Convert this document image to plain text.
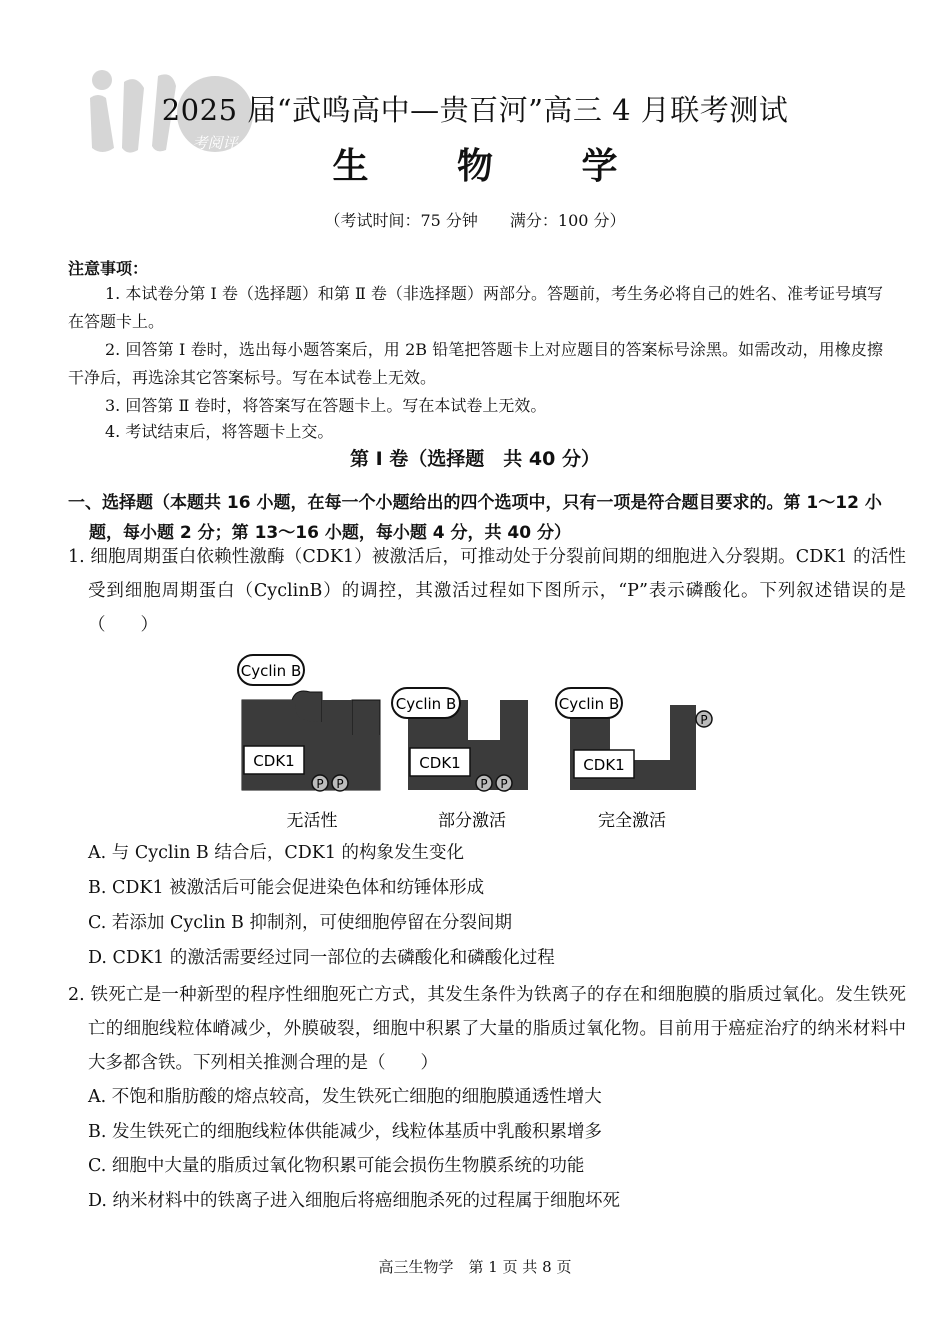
考阅评
2025 届“武鸣高中—贵百河”高三 4 月联考测试
生 物 学
（考试时间：75 分钟　　满分：100 分）
注意事项：
1. 本试卷分第 Ⅰ 卷（选择题）和第 Ⅱ 卷（非选择题）两部分。答题前，考生务必将自己的姓名、准考证号填写在答题卡上。
2. 回答第 Ⅰ 卷时，选出每小题答案后，用 2B 铅笔把答题卡上对应题目的答案标号涂黑。如需改动，用橡皮擦干净后，再选涂其它答案标号。写在本试卷上无效。
3. 回答第 Ⅱ 卷时，将答案写在答题卡上。写在本试卷上无效。
4. 考试结束后，将答题卡上交。
第 Ⅰ 卷（选择题　共 40 分）
一、选择题（本题共 16 小题，在每一个小题给出的四个选项中，只有一项是符合题目要求的。第 1～12 小题，每小题 2 分；第 13～16 小题，每小题 4 分，共 40 分）
1. 细胞周期蛋白依赖性激酶（CDK1）被激活后，可推动处于分裂前间期的细胞进入分裂期。CDK1 的活性受到细胞周期蛋白（CyclinB）的调控，其激活过程如下图所示，“P”表示磷酸化。下列叙述错误的是（　　）
Cyclin B
CDK1
P P
无活性
Cyclin B
CDK1
P P
部分激活
Cyclin B
CDK1
P
完全激活
A. 与 Cyclin B 结合后，CDK1 的构象发生变化
B. CDK1 被激活后可能会促进染色体和纺锤体形成
C. 若添加 Cyclin B 抑制剂，可使细胞停留在分裂间期
D. CDK1 的激活需要经过同一部位的去磷酸化和磷酸化过程
2. 铁死亡是一种新型的程序性细胞死亡方式，其发生条件为铁离子的存在和细胞膜的脂质过氧化。发生铁死亡的细胞线粒体嵴减少，外膜破裂，细胞中积累了大量的脂质过氧化物。目前用于癌症治疗的纳米材料中大多都含铁。下列相关推测合理的是（　　）
A. 不饱和脂肪酸的熔点较高，发生铁死亡细胞的细胞膜通透性增大
B. 发生铁死亡的细胞线粒体供能减少，线粒体基质中乳酸积累增多
C. 细胞中大量的脂质过氧化物积累可能会损伤生物膜系统的功能
D. 纳米材料中的铁离子进入细胞后将癌细胞杀死的过程属于细胞坏死
高三生物学　第 1 页 共 8 页
